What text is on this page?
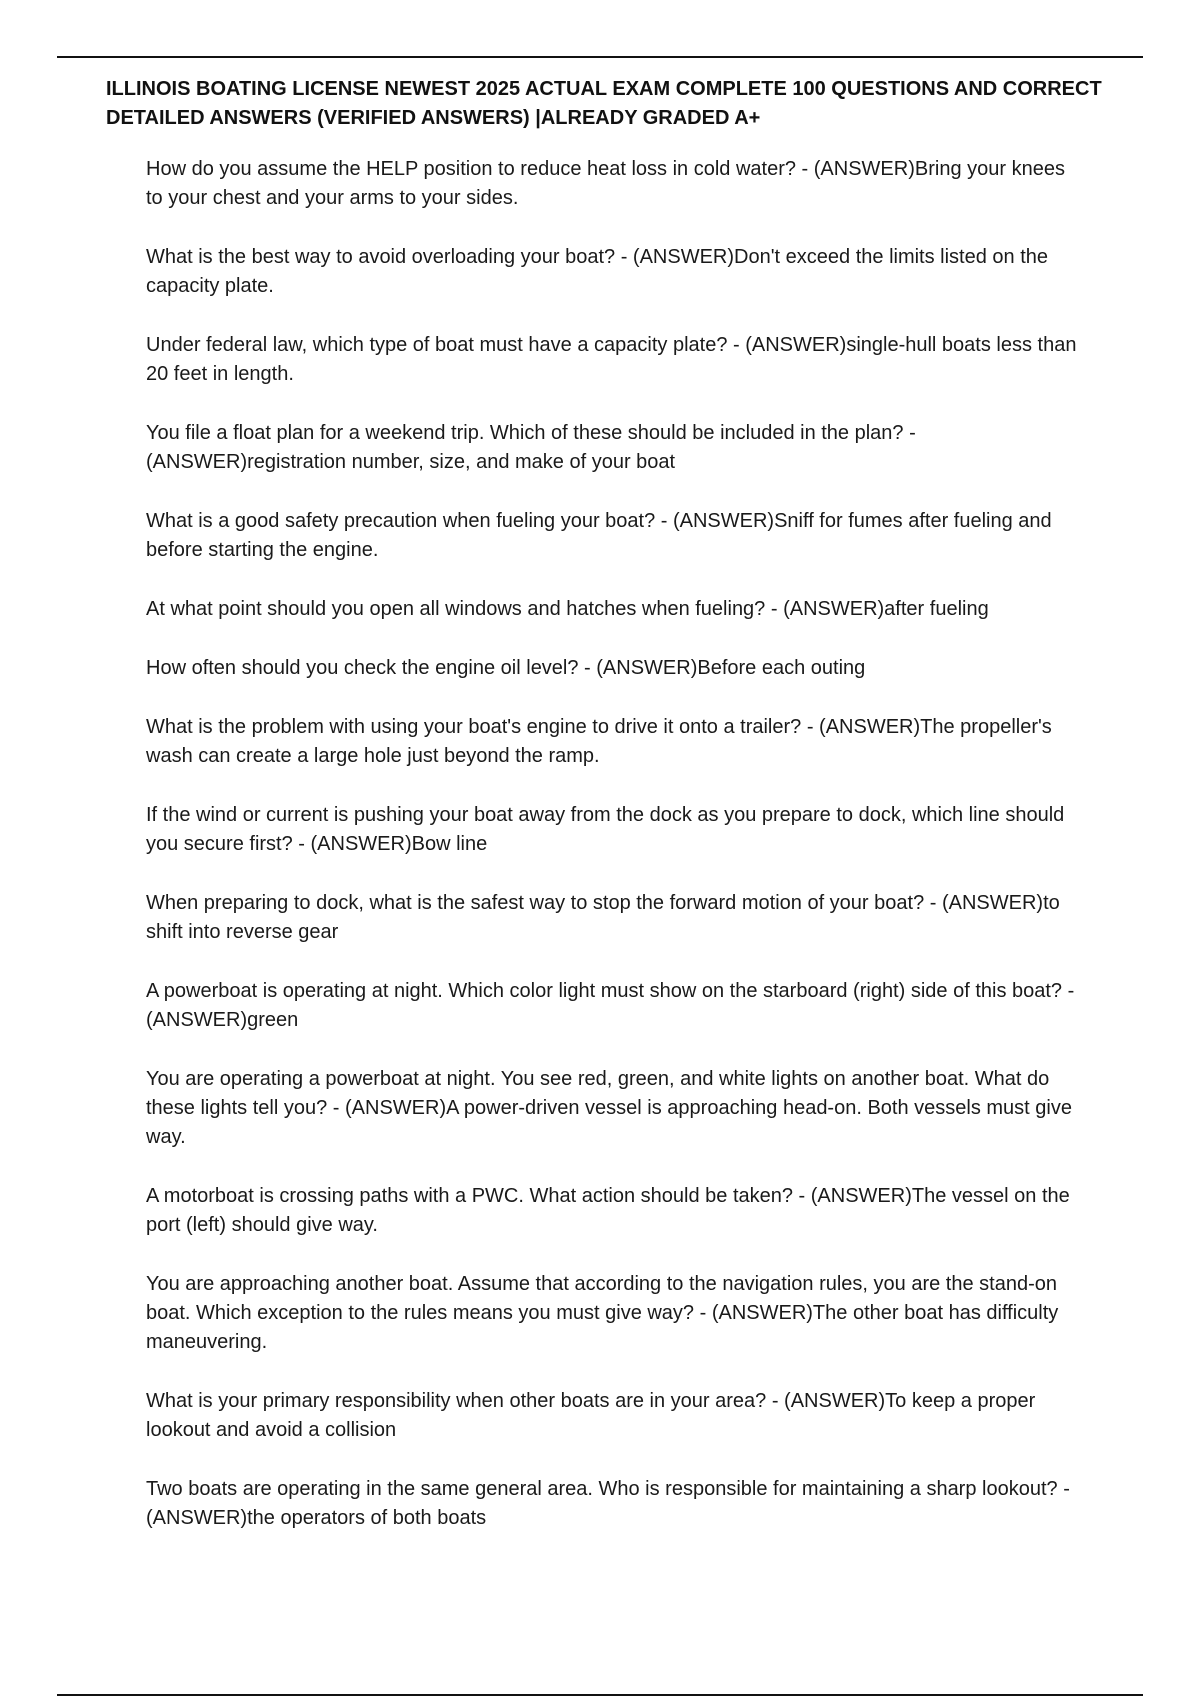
ILLINOIS BOATING LICENSE NEWEST 2025 ACTUAL EXAM COMPLETE 100 QUESTIONS AND CORRECT DETAILED ANSWERS (VERIFIED ANSWERS) |ALREADY GRADED A+
How do you assume the HELP position to reduce heat loss in cold water? - (ANSWER)Bring your knees to your chest and your arms to your sides.
What is the best way to avoid overloading your boat? - (ANSWER)Don't exceed the limits listed on the capacity plate.
Under federal law, which type of boat must have a capacity plate? - (ANSWER)single-hull boats less than 20 feet in length.
You file a float plan for a weekend trip. Which of these should be included in the plan? - (ANSWER)registration number, size, and make of your boat
What is a good safety precaution when fueling your boat? - (ANSWER)Sniff for fumes after fueling and before starting the engine.
At what point should you open all windows and hatches when fueling? - (ANSWER)after fueling
How often should you check the engine oil level? - (ANSWER)Before each outing
What is the problem with using your boat's engine to drive it onto a trailer? - (ANSWER)The propeller's wash can create a large hole just beyond the ramp.
If the wind or current is pushing your boat away from the dock as you prepare to dock, which line should you secure first? - (ANSWER)Bow line
When preparing to dock, what is the safest way to stop the forward motion of your boat? - (ANSWER)to shift into reverse gear
A powerboat is operating at night. Which color light must show on the starboard (right) side of this boat? - (ANSWER)green
You are operating a powerboat at night. You see red, green, and white lights on another boat. What do these lights tell you? - (ANSWER)A power-driven vessel is approaching head-on. Both vessels must give way.
A motorboat is crossing paths with a PWC. What action should be taken? - (ANSWER)The vessel on the port (left) should give way.
You are approaching another boat. Assume that according to the navigation rules, you are the stand-on boat. Which exception to the rules means you must give way? - (ANSWER)The other boat has difficulty maneuvering.
What is your primary responsibility when other boats are in your area? - (ANSWER)To keep a proper lookout and avoid a collision
Two boats are operating in the same general area. Who is responsible for maintaining a sharp lookout? - (ANSWER)the operators of both boats
